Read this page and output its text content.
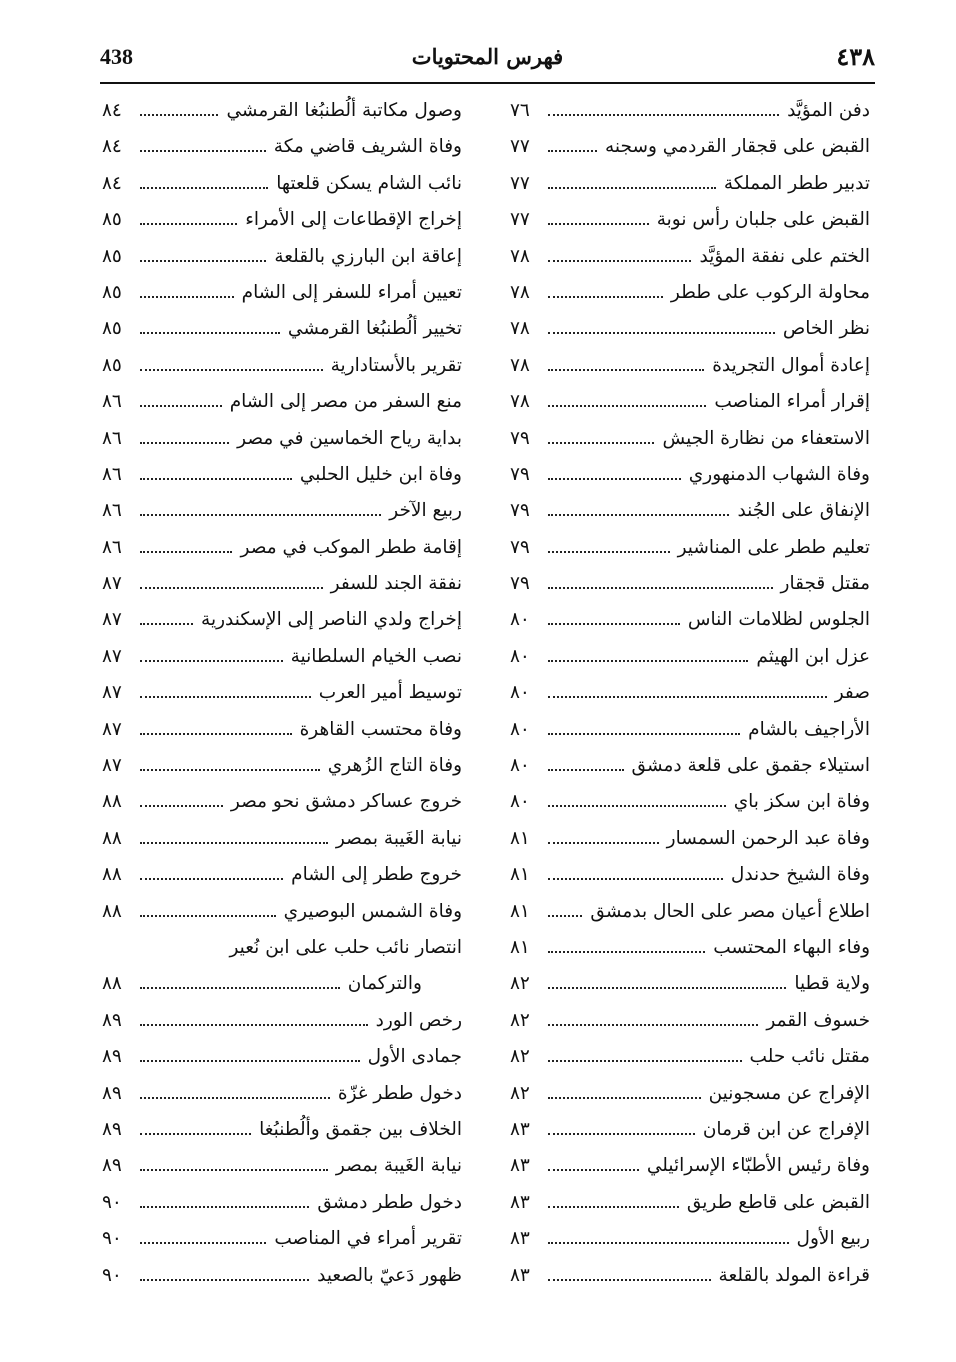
438	فهرس المحتويات	٤٣٨
دفن المؤيَّد
٧٦
القبض على قجقار القردمي وسجنه
٧٧
تدبير ططر المملكة
٧٧
القبض على جلبان رأس نوبة
٧٧
الختم على نفقة المؤيَّد
٧٨
محاولة الركوب على ططر
٧٨
نظر الخاص
٧٨
إعادة أموال التجريدة
٧٨
إقرار أمراء المناصب
٧٨
الاستعفاء من نظارة الجيش
٧٩
وفاة الشهاب الدمنهوري
٧٩
الإنفاق على الجُند
٧٩
تعليم ططر على المناشير
٧٩
مقتل قجقار
٧٩
الجلوس لظلامات الناس
٨٠
عزل ابن الهيثم
٨٠
صفر
٨٠
الأراجيف بالشام
٨٠
استيلاء جقمق على قلعة دمشق
٨٠
وفاة ابن سكز باي
٨٠
وفاة عبد الرحمن السمسار
٨١
وفاة الشيخ حدندل
٨١
اطلاع أعيان مصر على الحال بدمشق
٨١
وفاء البهاء المحتسب
٨١
ولاية قطيا
٨٢
خسوف القمر
٨٢
مقتل نائب حلب
٨٢
الإفراج عن مسجونين
٨٢
الإفراج عن ابن قرمان
٨٣
وفاة رئيس الأطبّاء الإسرائيلي
٨٣
القبض على قاطع طريق
٨٣
ربيع الأول
٨٣
قراءة المولد بالقلعة
٨٣
وصول مكاتبة ألُطنبُغا القرمشي
٨٤
وفاة الشريف قاضي مكة
٨٤
نائب الشام يسكن قلعتها
٨٤
إخراج الإقطاعات إلى الأمراء
٨٥
إعاقة ابن البارزي بالقلعة
٨٥
تعيين أمراء للسفر إلى الشام
٨٥
تخيير ألُطنبُغا القرمشي
٨٥
تقرير بالأستادارية
٨٥
منع السفر من مصر إلى الشام
٨٦
بداية رياح الخماسين في مصر
٨٦
وفاة ابن خليل الحلبي
٨٦
ربيع الآخر
٨٦
إقامة ططر الموكب في مصر
٨٦
نفقة الجند للسفر
٨٧
إخراج ولدي الناصر إلى الإسكندرية
٨٧
نصب الخيام السلطانية
٨٧
توسيط أمير العرب
٨٧
وفاة محتسب القاهرة
٨٧
وفاة التاج الزُهري
٨٧
خروج عساكر دمشق نحو مصر
٨٨
نيابة الغَيبة بمصر
٨٨
خروج ططر إلى الشام
٨٨
وفاة الشمس البوصيري
٨٨
انتصار نائب حلب على ابن نُعير
والتركمان
٨٨
رخص الورد
٨٩
جمادى الأول
٨٩
دخول ططر غزّة
٨٩
الخلاف بين جقمق وألُطنبُغا
٨٩
نيابة الغَيبة بمصر
٨٩
دخول ططر دمشق
٩٠
تقرير أمراء في المناصب
٩٠
ظهور دَعيّ بالصعيد
٩٠
